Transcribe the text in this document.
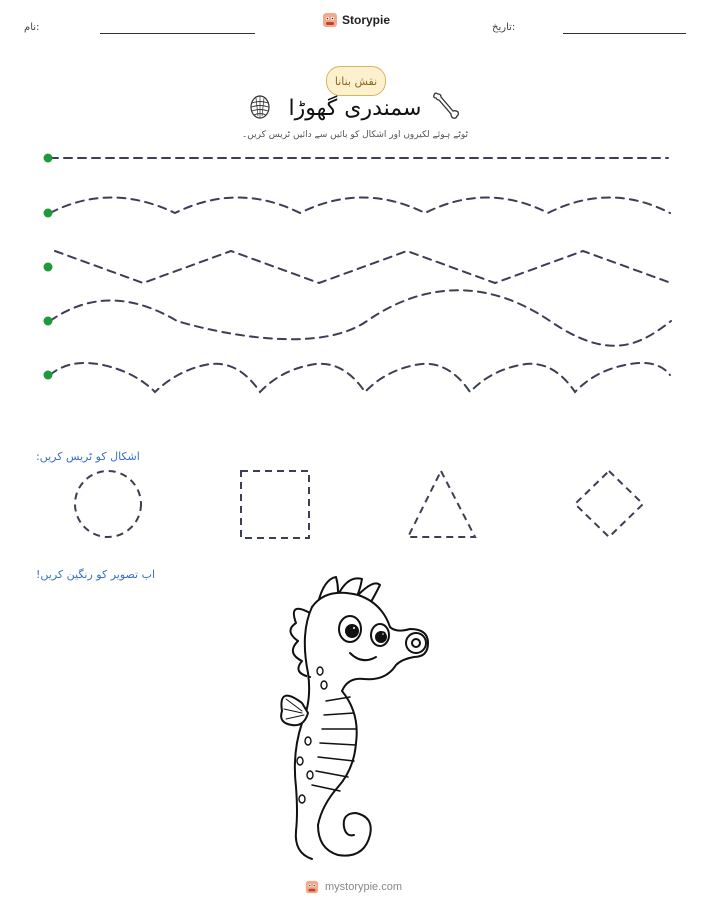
نام:
Storypie
تاریخ:
نقش بنانا
سمندری گھوڑا
ٹوٹے ہوئے لکیروں اور اشکال کو بائیں سے دائیں ٹریس کریں۔
اشکال کو ٹریس کریں:
اب تصویر کو رنگین کریں!
mystorypie.com
